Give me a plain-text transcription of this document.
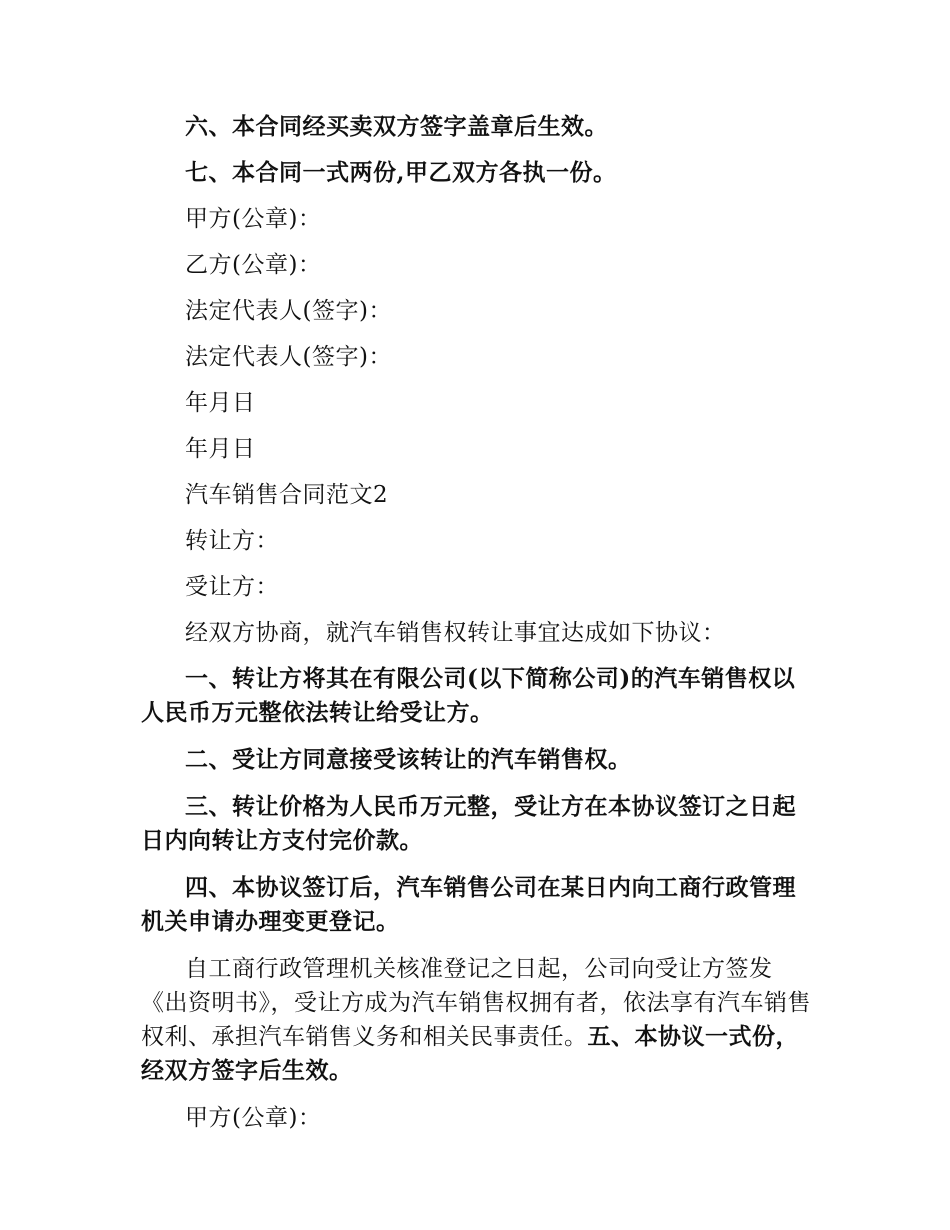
六、本合同经买卖双方签字盖章后生效。

七、本合同一式两份,甲乙双方各执一份。

甲方(公章)：

乙方(公章)：

法定代表人(签字)：

法定代表人(签字)：

年月日

年月日

汽车销售合同范文2

转让方：

受让方：

经双方协商，就汽车销售权转让事宜达成如下协议：

一、转让方将其在有限公司(以下简称公司)的汽车销售权以人民币万元整依法转让给受让方。

二、受让方同意接受该转让的汽车销售权。

三、转让价格为人民币万元整，受让方在本协议签订之日起日内向转让方支付完价款。

四、本协议签订后，汽车销售公司在某日内向工商行政管理机关申请办理变更登记。

自工商行政管理机关核准登记之日起，公司向受让方签发《出资明书》，受让方成为汽车销售权拥有者，依法享有汽车销售权利、承担汽车销售义务和相关民事责任。五、本协议一式份，经双方签字后生效。

甲方(公章)：
